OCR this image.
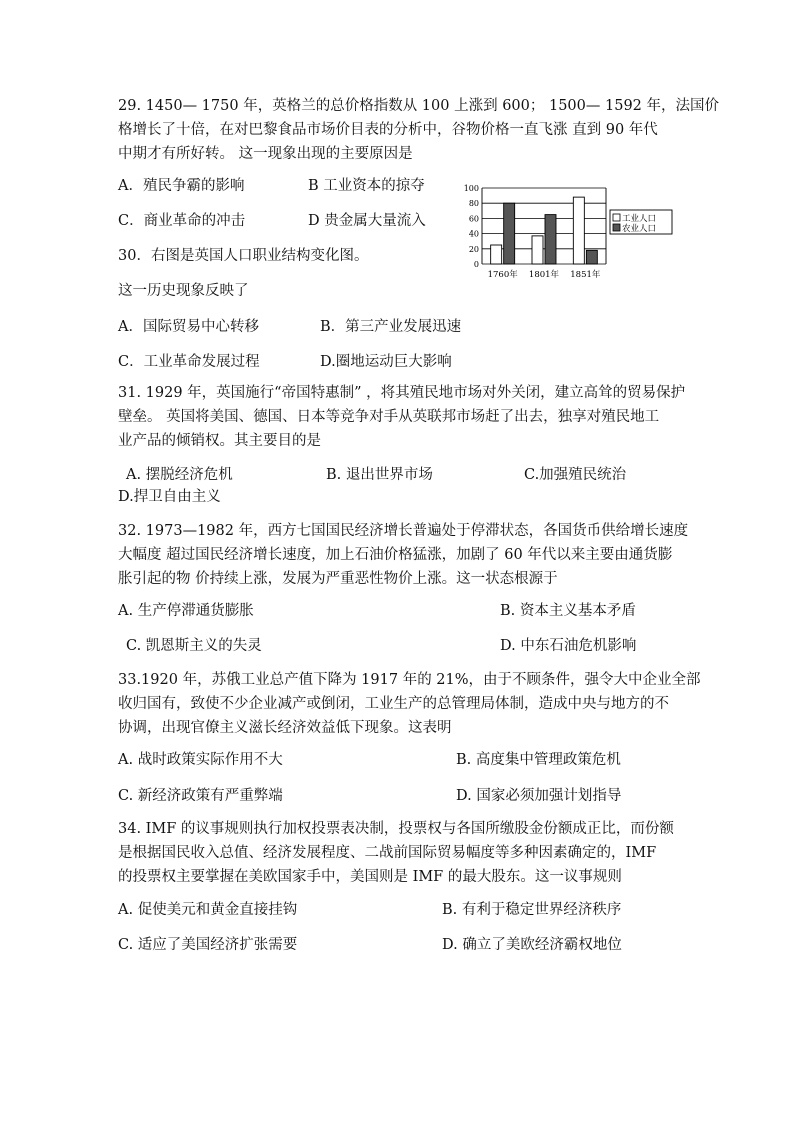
29. 1450— 1750 年，英格兰的总价格指数从 100 上涨到 600； 1500— 1592 年，法国价
格增长了十倍，在对巴黎食品市场价目表的分析中，谷物价格一直飞涨 直到 90 年代
中期才有所好转。 这一现象出现的主要原因是
A．殖民争霸的影响	B 工业资本的掠夺
C．商业革命的冲击	D 贵金属大量流入
30．右图是英国人口职业结构变化图。
这一历史现象反映了
A．国际贸易中心转移	B．第三产业发展迅速
C．工业革命发展过程	D.圈地运动巨大影响
0
20
40
60
80
100
1760年 1801年 1851年
工业人口
农业人口
31. 1929 年，英国施行“帝国特惠制” ，将其殖民地市场对外关闭，建立高耸的贸易保护
壁垒。 英国将美国、德国、日本等竞争对手从英联邦市场赶了出去，独享对殖民地工
业产品的倾销权。其主要目的是
A. 摆脱经济危机	B. 退出世界市场	C.加强殖民统治
D.捍卫自由主义
32. 1973—1982 年，西方七国国民经济增长普遍处于停滞状态，各国货币供给增长速度
大幅度 超过国民经济增长速度，加上石油价格猛涨，加剧了 60 年代以来主要由通货膨
胀引起的物 价持续上涨，发展为严重恶性物价上涨。这一状态根源于
A. 生产停滞通货膨胀	B. 资本主义基本矛盾
C. 凯恩斯主义的失灵	D. 中东石油危机影响
33.1920 年，苏俄工业总产值下降为 1917 年的 21%，由于不顾条件，强令大中企业全部
收归国有，致使不少企业减产或倒闭，工业生产的总管理局体制，造成中央与地方的不
协调，出现官僚主义滋长经济效益低下现象。这表明
A. 战时政策实际作用不大	B. 高度集中管理政策危机
C. 新经济政策有严重弊端	D. 国家必须加强计划指导
34. IMF 的议事规则执行加权投票表决制，投票权与各国所缴股金份额成正比，而份额
是根据国民收入总值、经济发展程度、二战前国际贸易幅度等多种因素确定的，IMF
的投票权主要掌握在美欧国家手中，美国则是 IMF 的最大股东。这一议事规则
A. 促使美元和黄金直接挂钩	B. 有利于稳定世界经济秩序
C. 适应了美国经济扩张需要	D. 确立了美欧经济霸权地位
